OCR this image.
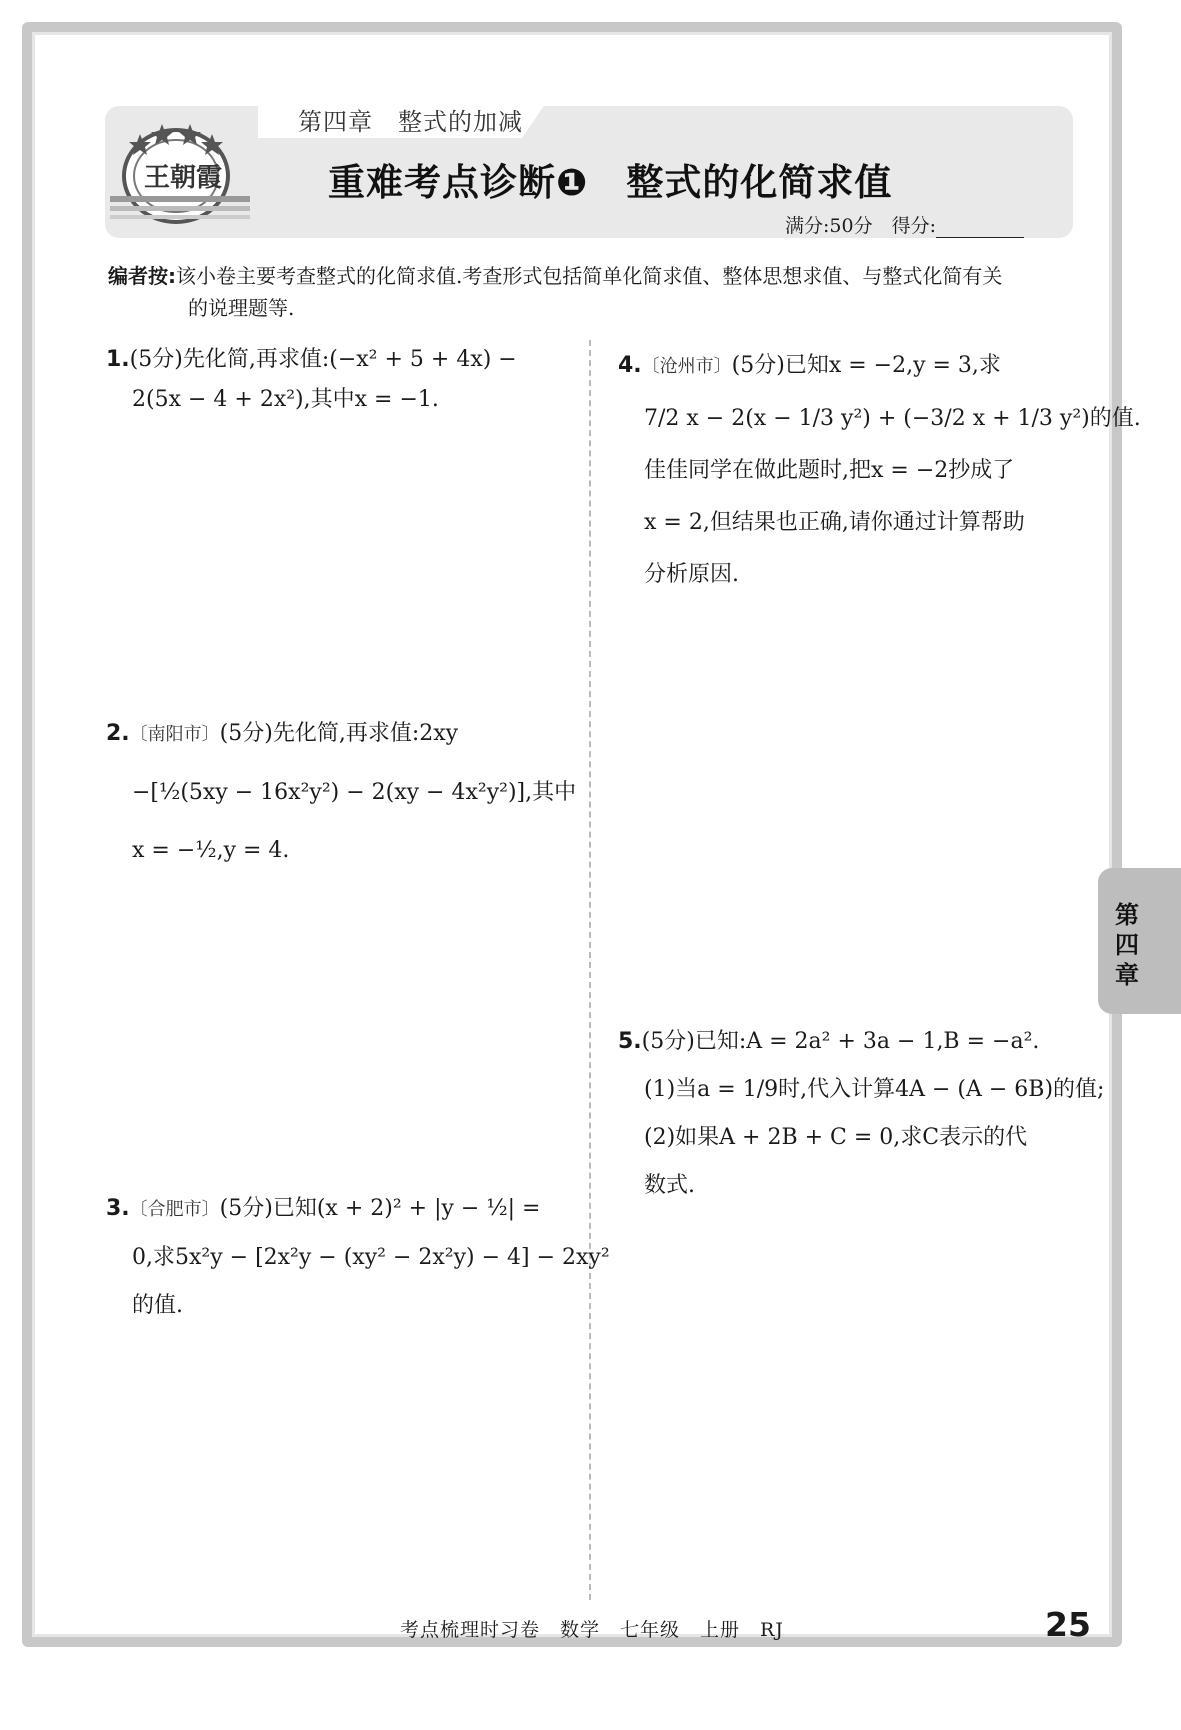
第四章　整式的加减
王朝霞	重难考点诊断❶　整式的化简求值
满分:50分　得分:
编者按:该小卷主要考查整式的化简求值.考查形式包括简单化简求值、整体思想求值、与整式化简有关
的说理题等.
1.(5分)先化简,再求值:(−x² + 5 + 4x) −
2(5x − 4 + 2x²),其中x = −1.
2.〔南阳市〕(5分)先化简,再求值:2xy
−[½(5xy − 16x²y²) − 2(xy − 4x²y²)],其中
x = −½,y = 4.
3.〔合肥市〕(5分)已知(x + 2)² + |y − ½| =
0,求5x²y − [2x²y − (xy² − 2x²y) − 4] − 2xy²
的值.
4.〔沧州市〕(5分)已知x = −2,y = 3,求
7/2 x − 2(x − 1/3 y²) + (−3/2 x + 1/3 y²)的值.
佳佳同学在做此题时,把x = −2抄成了
x = 2,但结果也正确,请你通过计算帮助
分析原因.
5.(5分)已知:A = 2a² + 3a − 1,B = −a².
(1)当a = 1/9时,代入计算4A − (A − 6B)的值;
(2)如果A + 2B + C = 0,求C表示的代
数式.
第四章
考点梳理时习卷　数学　七年级　上册　RJ	25
